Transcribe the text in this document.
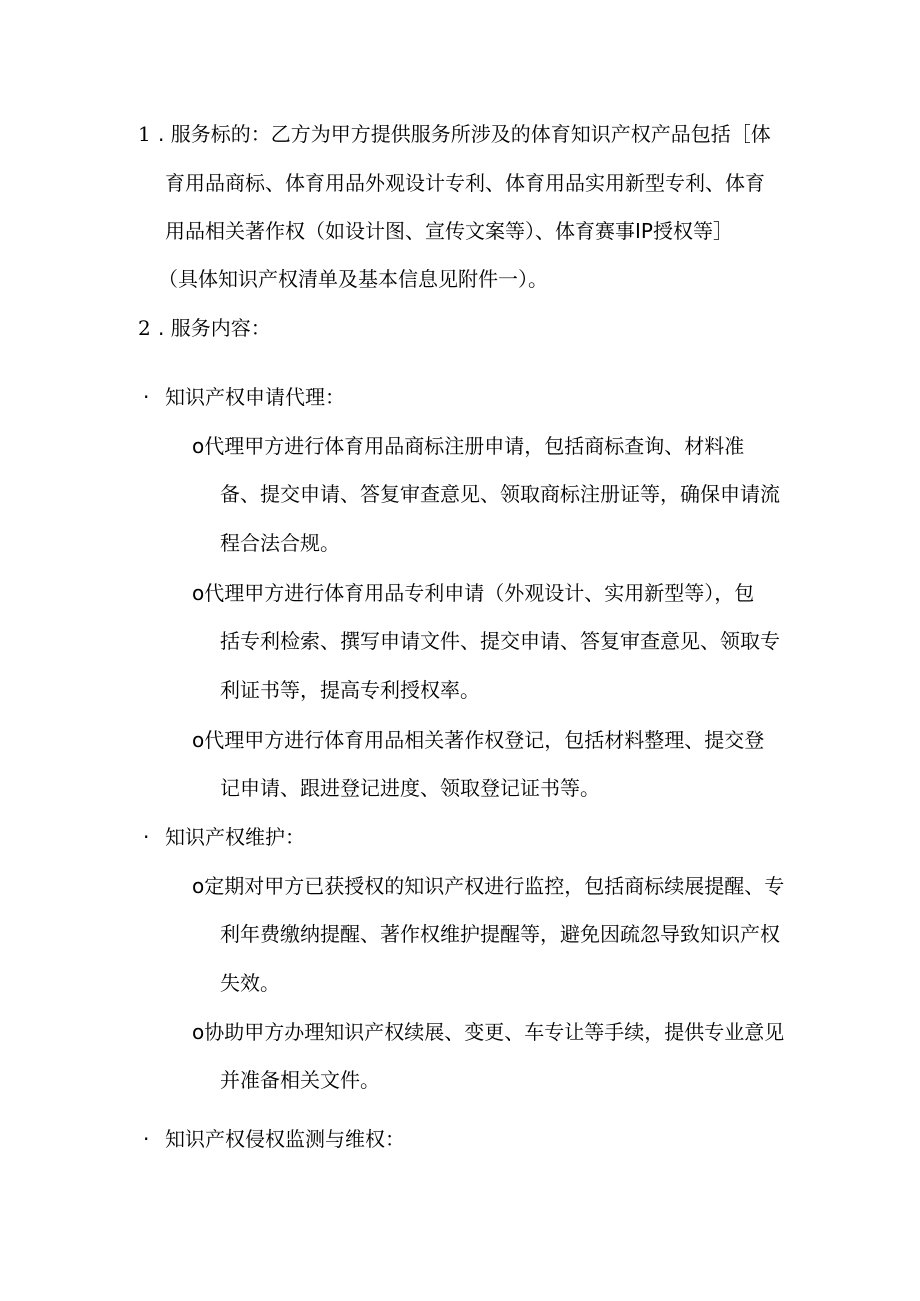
1 . 服务标的：乙方为甲方提供服务所涉及的体育知识产权产品包括［体
育用品商标、体育用品外观设计专利、体育用品实用新型专利、体育
用品相关著作权（如设计图、宣传文案等）、体育赛事IP授权等］
（具体知识产权清单及基本信息见附件一）。
2 . 服务内容：
· 知识产权申请代理：
o代理甲方进行体育用品商标注册申请，包括商标查询、材料准
备、提交申请、答复审查意见、领取商标注册证等，确保申请流
程合法合规。
o代理甲方进行体育用品专利申请（外观设计、实用新型等），包
括专利检索、撰写申请文件、提交申请、答复审查意见、领取专
利证书等，提高专利授权率。
o代理甲方进行体育用品相关著作权登记，包括材料整理、提交登
记申请、跟进登记进度、领取登记证书等。
· 知识产权维护：
o定期对甲方已获授权的知识产权进行监控，包括商标续展提醒、专
利年费缴纳提醒、著作权维护提醒等，避免因疏忽导致知识产权
失效。
o协助甲方办理知识产权续展、变更、车专让等手续，提供专业意见
并准备相关文件。
· 知识产权侵权监测与维权：
